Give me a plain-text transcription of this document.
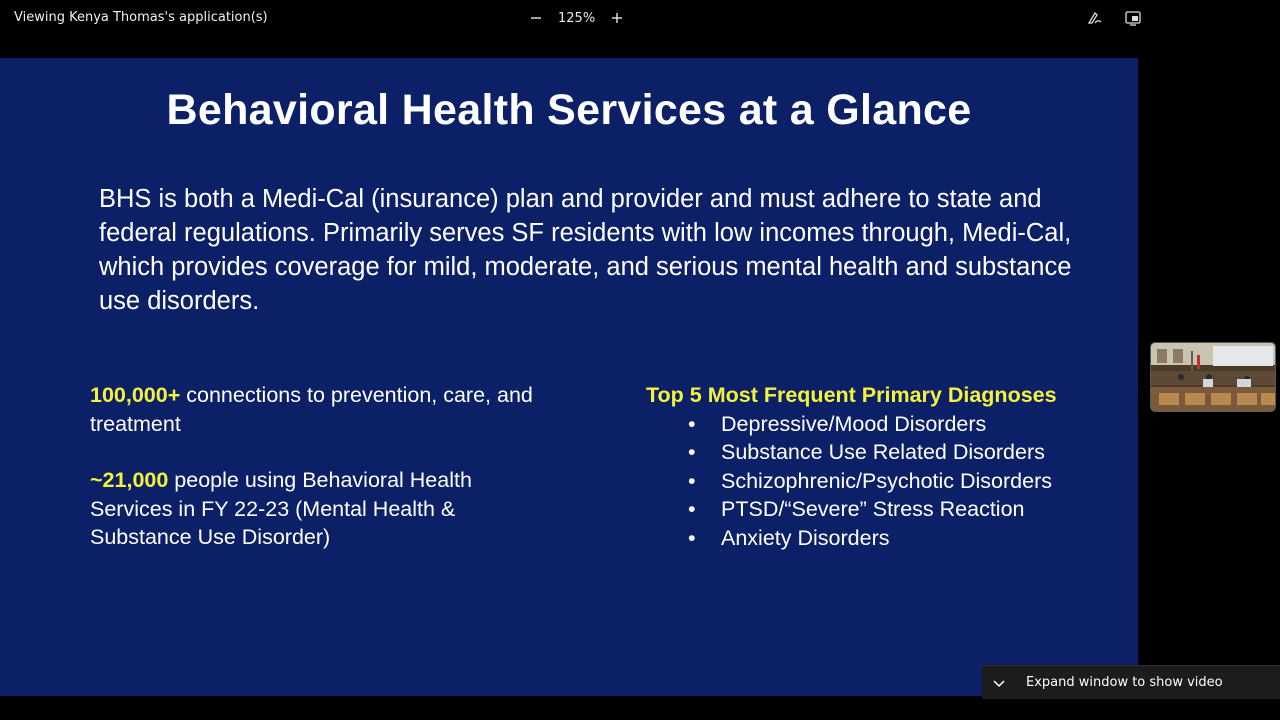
Viewing Kenya Thomas's application(s)	125%
Behavioral Health Services at a Glance
BHS is both a Medi-Cal (insurance) plan and provider and must adhere to state and federal regulations. Primarily serves SF residents with low incomes through, Medi-Cal, which provides coverage for mild, moderate, and serious mental health and substance use disorders.
100,000+ connections to prevention, care, and treatment
~21,000 people using Behavioral Health Services in FY 22-23 (Mental Health & Substance Use Disorder)
Top 5 Most Frequent Primary Diagnoses
• Depressive/Mood Disorders
• Substance Use Related Disorders
• Schizophrenic/Psychotic Disorders
• PTSD/“Severe” Stress Reaction
• Anxiety Disorders
Expand window to show video
